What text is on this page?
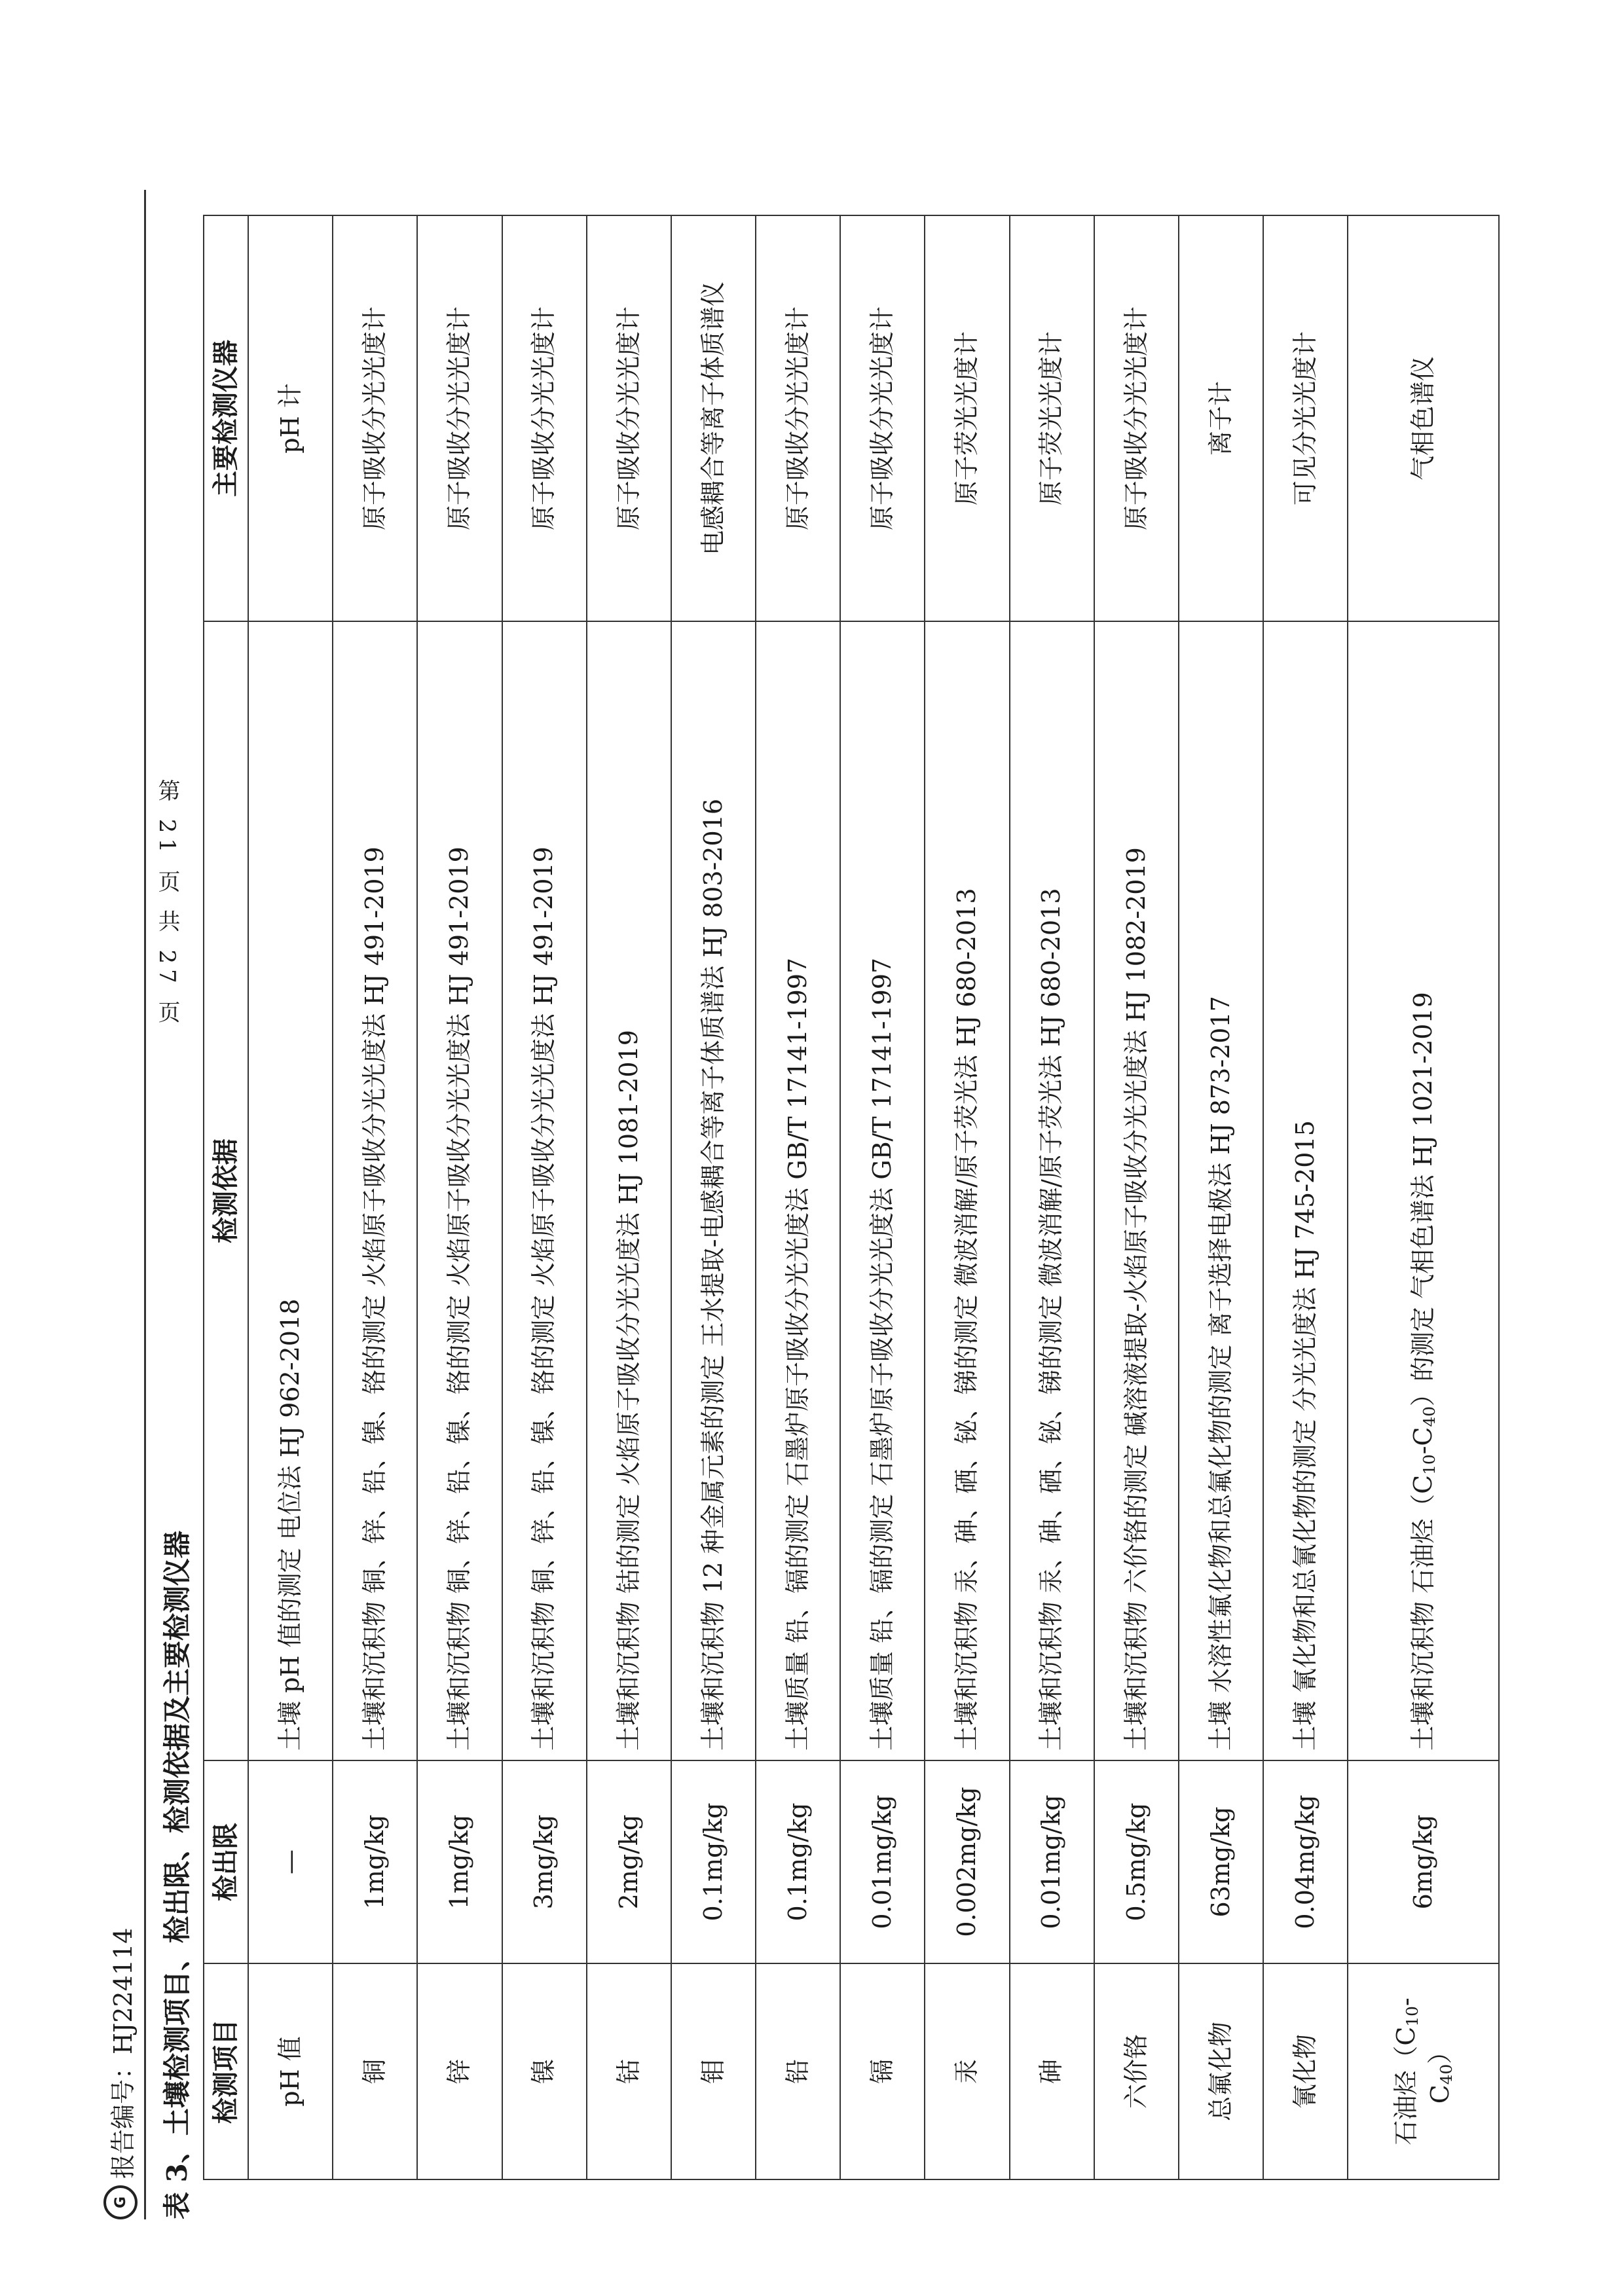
第 21 页 共 27 页
G
报告编号：HJ224114 表 3、土壤检测项目、检出限、检测依据及主要检测仪器 检测项目	检出限	检测依据	主要检测仪器
pH 值	—	土壤 pH 值的测定 电位法 HJ 962-2018	pH 计
铜	1mg/kg	土壤和沉积物 铜、锌、铅、镍、铬的测定 火焰原子吸收分光光度法 HJ 491-2019	原子吸收分光光度计
锌	1mg/kg	土壤和沉积物 铜、锌、铅、镍、铬的测定 火焰原子吸收分光光度法 HJ 491-2019	原子吸收分光光度计
镍	3mg/kg	土壤和沉积物 铜、锌、铅、镍、铬的测定 火焰原子吸收分光光度法 HJ 491-2019	原子吸收分光光度计
钴	2mg/kg	土壤和沉积物 钴的测定 火焰原子吸收分光光度法 HJ 1081-2019	原子吸收分光光度计
钼	0.1mg/kg	土壤和沉积物 12 种金属元素的测定 王水提取-电感耦合等离子体质谱法 HJ 803-2016	电感耦合等离子体质谱仪
铅	0.1mg/kg	土壤质量 铅、镉的测定 石墨炉原子吸收分光光度法 GB/T 17141-1997	原子吸收分光光度计
镉	0.01mg/kg	土壤质量 铅、镉的测定 石墨炉原子吸收分光光度法 GB/T 17141-1997	原子吸收分光光度计
汞	0.002mg/kg	土壤和沉积物 汞、砷、硒、铋、锑的测定 微波消解/原子荧光法 HJ 680-2013	原子荧光光度计
砷	0.01mg/kg	土壤和沉积物 汞、砷、硒、铋、锑的测定 微波消解/原子荧光法 HJ 680-2013	原子荧光光度计
六价铬	0.5mg/kg	土壤和沉积物 六价铬的测定 碱溶液提取-火焰原子吸收分光光度法 HJ 1082-2019	原子吸收分光光度计
总氟化物	63mg/kg	土壤 水溶性氟化物和总氟化物的测定 离子选择电极法 HJ 873-2017	离子计
氰化物	0.04mg/kg	土壤 氰化物和总氰化物的测定 分光光度法 HJ 745-2015	可见分光光度计
石油烃$(C_{10}-C_{40})$	6mg/kg	土壤和沉积物 石油烃$(C_{10}-C_{40})$的测定 气相色谱法 HJ 1021-2019	气相色谱仪
